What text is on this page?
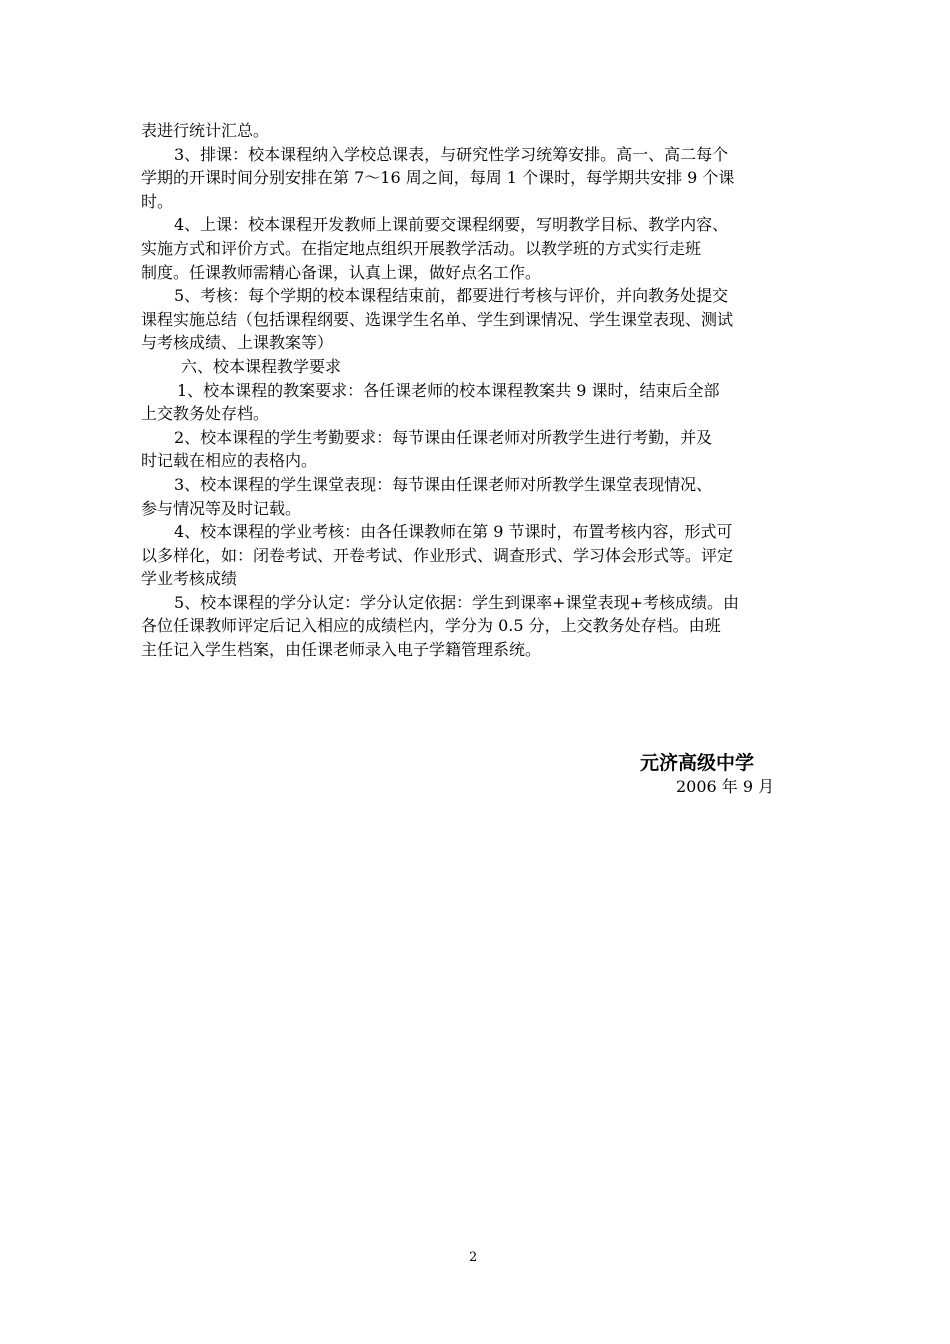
表进行统计汇总。
3、排课：校本课程纳入学校总课表，与研究性学习统筹安排。高一、高二每个
学期的开课时间分别安排在第 7～16 周之间，每周 1 个课时，每学期共安排 9 个课
时。
4、上课：校本课程开发教师上课前要交课程纲要，写明教学目标、教学内容、
实施方式和评价方式。在指定地点组织开展教学活动。以教学班的方式实行走班
制度。任课教师需精心备课，认真上课，做好点名工作。
5、考核：每个学期的校本课程结束前，都要进行考核与评价，并向教务处提交
课程实施总结（包括课程纲要、选课学生名单、学生到课情况、学生课堂表现、测试
与考核成绩、上课教案等）
六、校本课程教学要求
1、校本课程的教案要求：各任课老师的校本课程教案共 9 课时，结束后全部
上交教务处存档。
2、校本课程的学生考勤要求：每节课由任课老师对所教学生进行考勤，并及
时记载在相应的表格内。
3、校本课程的学生课堂表现：每节课由任课老师对所教学生课堂表现情况、
参与情况等及时记载。
4、校本课程的学业考核：由各任课教师在第 9 节课时，布置考核内容，形式可
以多样化，如：闭卷考试、开卷考试、作业形式、调查形式、学习体会形式等。评定
学业考核成绩
5、校本课程的学分认定：学分认定依据：学生到课率+课堂表现+考核成绩。由
各位任课教师评定后记入相应的成绩栏内，学分为 0.5 分，上交教务处存档。由班
主任记入学生档案，由任课老师录入电子学籍管理系统。
元济高级中学
2006 年 9 月
2
